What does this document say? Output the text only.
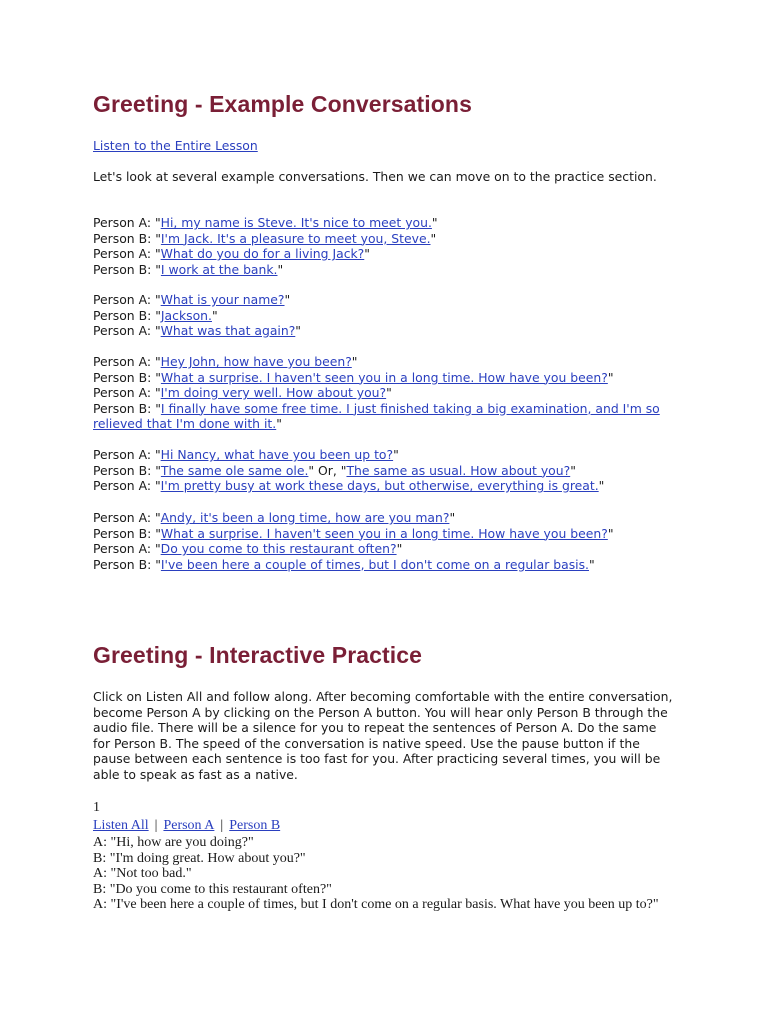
Greeting - Example Conversations
Listen to the Entire Lesson
Let's look at several example conversations. Then we can move on to the practice section.
Person A: "Hi, my name is Steve. It's nice to meet you."
Person B: "I'm Jack. It's a pleasure to meet you, Steve."
Person A: "What do you do for a living Jack?"
Person B: "I work at the bank."
Person A: "What is your name?"
Person B: "Jackson."
Person A: "What was that again?"
Person A: "Hey John, how have you been?"
Person B: "What a surprise. I haven't seen you in a long time. How have you been?"
Person A: "I'm doing very well. How about you?"
Person B: "I finally have some free time. I just finished taking a big examination, and I'm so relieved that I'm done with it."
Person A: "Hi Nancy, what have you been up to?"
Person B: "The same ole same ole." Or, "The same as usual. How about you?"
Person A: "I'm pretty busy at work these days, but otherwise, everything is great."
Person A: "Andy, it's been a long time, how are you man?"
Person B: "What a surprise. I haven't seen you in a long time. How have you been?"
Person A: "Do you come to this restaurant often?"
Person B: "I've been here a couple of times, but I don't come on a regular basis."
Greeting - Interactive Practice
Click on Listen All and follow along. After becoming comfortable with the entire conversation, become Person A by clicking on the Person A button. You will hear only Person B through the audio file. There will be a silence for you to repeat the sentences of Person A. Do the same for Person B. The speed of the conversation is native speed. Use the pause button if the pause between each sentence is too fast for you. After practicing several times, you will be able to speak as fast as a native.
1
Listen All | Person A | Person B
A: "Hi, how are you doing?"
B: "I'm doing great. How about you?"
A: "Not too bad."
B: "Do you come to this restaurant often?"
A: "I've been here a couple of times, but I don't come on a regular basis. What have you been up to?"
